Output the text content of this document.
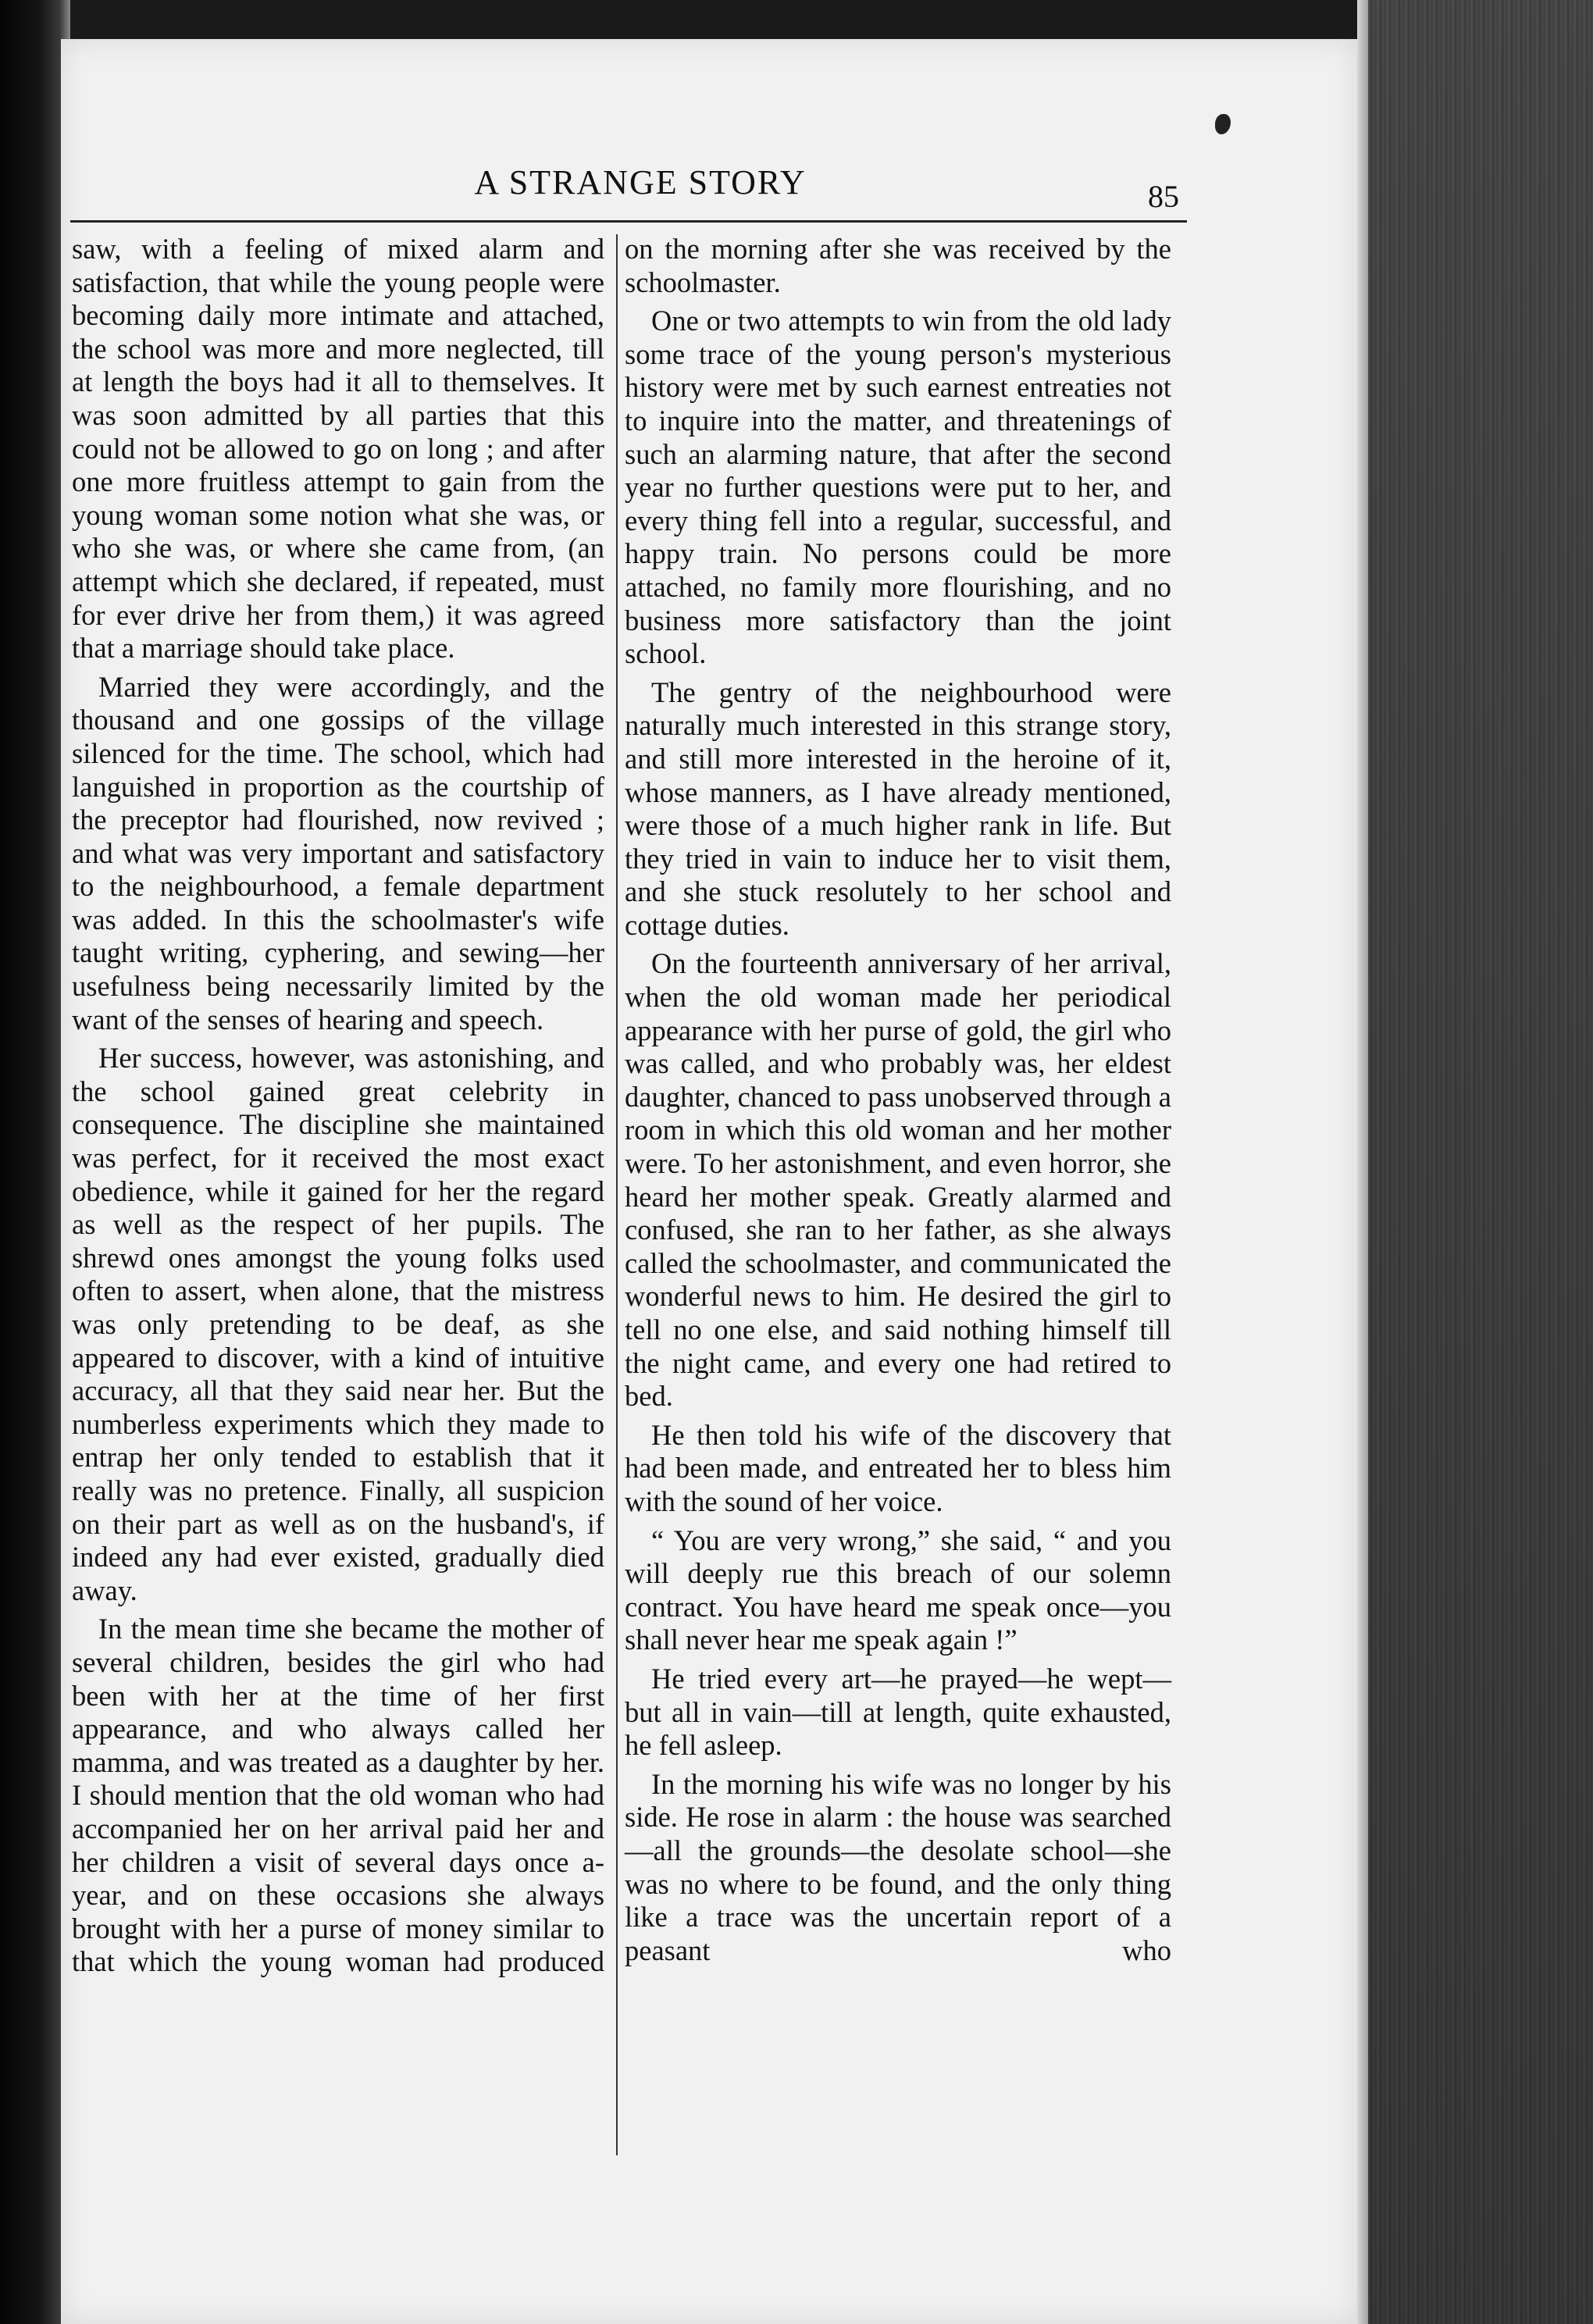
A STRANGE STORY	85

saw, with a feeling of mixed alarm and satisfaction, that while the young people were becoming daily more intimate and attached, the school was more and more neglected, till at length the boys had it all to themselves. It was soon admitted by all parties that this could not be allowed to go on long ; and after one more fruitless attempt to gain from the young woman some notion what she was, or who she was, or where she came from, (an attempt which she declared, if repeated, must for ever drive her from them,) it was agreed that a marriage should take place.

Married they were accordingly, and the thousand and one gossips of the village silenced for the time. The school, which had languished in proportion as the courtship of the preceptor had flourished, now revived ; and what was very important and satisfactory to the neighbourhood, a female department was added. In this the schoolmaster's wife taught writing, cyphering, and sewing—her usefulness being necessarily limited by the want of the senses of hearing and speech.

Her success, however, was astonishing, and the school gained great celebrity in consequence. The discipline she maintained was perfect, for it received the most exact obedience, while it gained for her the regard as well as the respect of her pupils. The shrewd ones amongst the young folks used often to assert, when alone, that the mistress was only pretending to be deaf, as she appeared to discover, with a kind of intuitive accuracy, all that they said near her. But the numberless experiments which they made to entrap her only tended to establish that it really was no pretence. Finally, all suspicion on their part as well as on the husband's, if indeed any had ever existed, gradually died away.

In the mean time she became the mother of several children, besides the girl who had been with her at the time of her first appearance, and who always called her mamma, and was treated as a daughter by her. I should mention that the old woman who had accompanied her on her arrival paid her and her children a visit of several days once a-year, and on these occasions she always brought with her a purse of money similar to that which the young woman had produced

on the morning after she was received by the schoolmaster.

One or two attempts to win from the old lady some trace of the young person's mysterious history were met by such earnest entreaties not to inquire into the matter, and threatenings of such an alarming nature, that after the second year no further questions were put to her, and every thing fell into a regular, successful, and happy train. No persons could be more attached, no family more flourishing, and no business more satisfactory than the joint school.

The gentry of the neighbourhood were naturally much interested in this strange story, and still more interested in the heroine of it, whose manners, as I have already mentioned, were those of a much higher rank in life. But they tried in vain to induce her to visit them, and she stuck resolutely to her school and cottage duties.

On the fourteenth anniversary of her arrival, when the old woman made her periodical appearance with her purse of gold, the girl who was called, and who probably was, her eldest daughter, chanced to pass unobserved through a room in which this old woman and her mother were. To her astonishment, and even horror, she heard her mother speak. Greatly alarmed and confused, she ran to her father, as she always called the schoolmaster, and communicated the wonderful news to him. He desired the girl to tell no one else, and said nothing himself till the night came, and every one had retired to bed.

He then told his wife of the discovery that had been made, and entreated her to bless him with the sound of her voice.

“ You are very wrong,” she said, “ and you will deeply rue this breach of our solemn contract. You have heard me speak once—you shall never hear me speak again !”

He tried every art—he prayed—he wept—but all in vain—till at length, quite exhausted, he fell asleep.

In the morning his wife was no longer by his side. He rose in alarm : the house was searched—all the grounds—the desolate school—she was no where to be found, and the only thing like a trace was the uncertain report of a peasant who
